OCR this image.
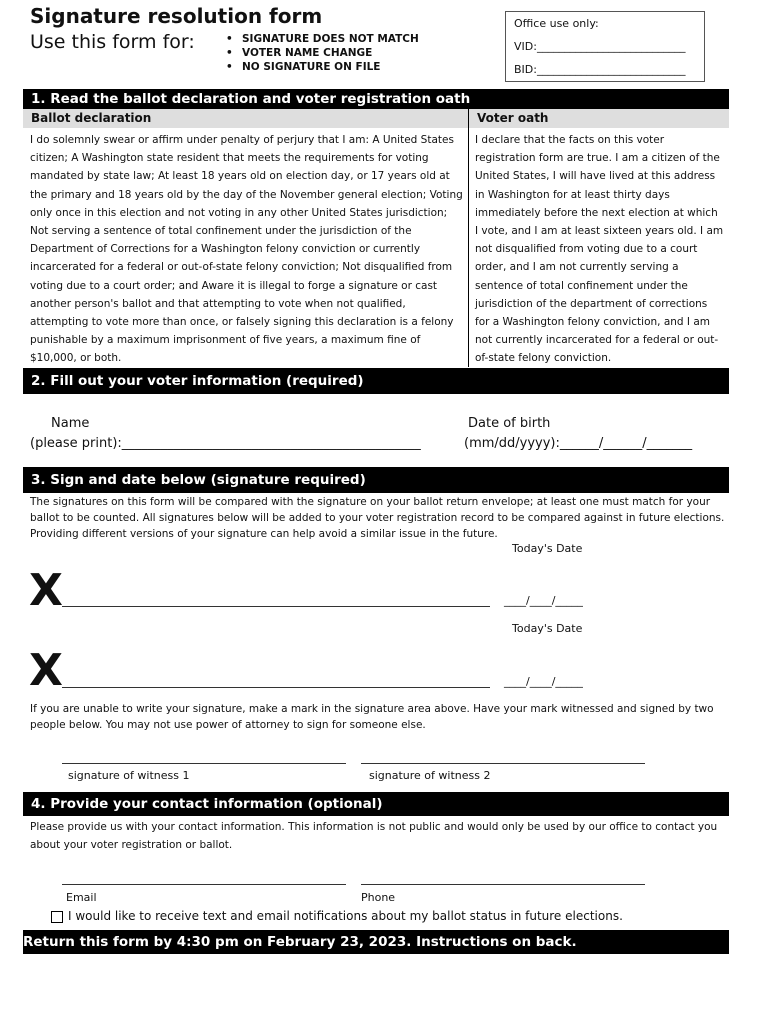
Signature resolution form
Use this form for:
•	SIGNATURE DOES NOT MATCH
• VOTER NAME CHANGE
• NO SIGNATURE ON FILE
Office use only:
VID:___________________________
BID:___________________________
1. Read the ballot declaration and voter registration oath
Ballot declaration	Voter oath

I do solemnly swear or affirm under penalty of perjury that I am: A United States
citizen; A Washington state resident that meets the requirements for voting
mandated by state law; At least 18 years old on election day, or 17 years old at
the primary and 18 years old by the day of the November general election; Voting
only once in this election and not voting in any other United States jurisdiction;
Not serving a sentence of total confinement under the jurisdiction of the
Department of Corrections for a Washington felony conviction or currently
incarcerated for a federal or out-of-state felony conviction; Not disqualified from
voting due to a court order; and Aware it is illegal to forge a signature or cast
another person's ballot and that attempting to vote when not qualified,
attempting to vote more than once, or falsely signing this declaration is a felony
punishable by a maximum imprisonment of five years, a maximum fine of
$10,000, or both.

I declare that the facts on this voter
registration form are true. I am a citizen of the
United States, I will have lived at this address
in Washington for at least thirty days
immediately before the next election at which
I vote, and I am at least sixteen years old. I am
not disqualified from voting due to a court
order, and I am not currently serving a
sentence of total confinement under the
jurisdiction of the department of corrections
for a Washington felony conviction, and I am
not currently incarcerated for a federal or out-
of-state felony conviction.

2. Fill out your voter information (required)
Name
(please print):______________________________________________
Date of birth
(mm/dd/yyyy):______/______/_______
3. Sign and date below (signature required)

The signatures on this form will be compared with the signature on your ballot return envelope; at least one must match for your ballot to be counted. All signatures below will be added to your voter registration record to be compared against in future elections. Providing different versions of your signature can help avoid a similar issue in the future.

Today's Date
X	____/____/_____
Today's Date
X	____/____/_____

If you are unable to write your signature, make a mark in the signature area above. Have your mark witnessed and signed by two people below. You may not use power of attorney to sign for someone else.

signature of witness 1	signature of witness 2
4. Provide your contact information (optional)

Please provide us with your contact information. This information is not public and would only be used by our office to contact you about your voter registration or ballot.

Email	Phone
I would like to receive text and email notifications about my ballot status in future elections.
Return this form by 4:30 pm on February 23, 2023. Instructions on back.
